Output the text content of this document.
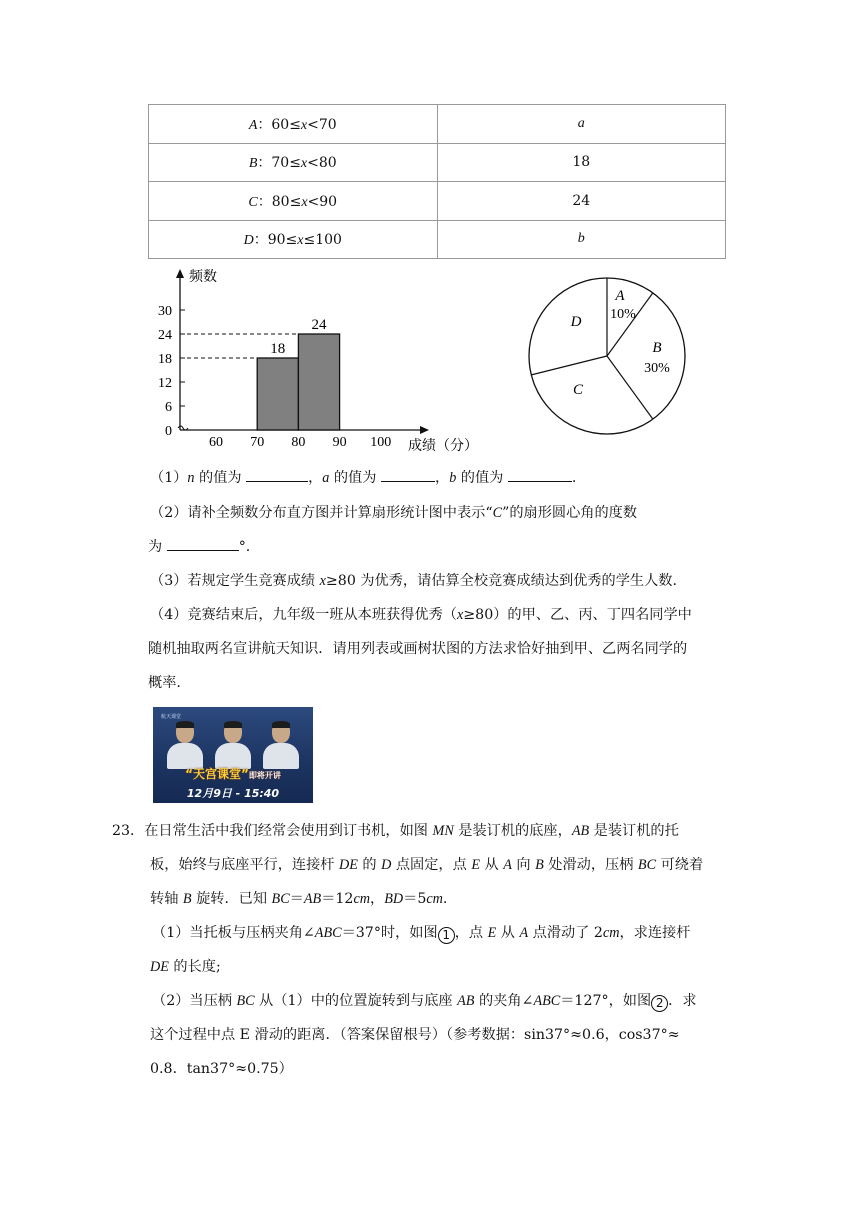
A：60≤x<70	a
B：70≤x<80	18
C：80≤x<90	24
D：90≤x≤100	b
频数
0
6
12
18
24
30
60 70 80 90 100 成绩（分）
18
24
A
10%
B
30%
C
D
（1）n 的值为	，a 的值为	，b 的值为	.
（2）请补全频数分布直方图并计算扇形统计图中表示“C”的扇形圆心角的度数
为	°.
（3）若规定学生竞赛成绩 x≥80 为优秀，请估算全校竞赛成绩达到优秀的学生人数.
（4）竞赛结束后，九年级一班从本班获得优秀（x≥80）的甲、乙、丙、丁四名同学中
随机抽取两名宣讲航天知识．请用列表或画树状图的方法求恰好抽到甲、乙两名同学的
概率.
航天课堂
“天宫课堂”即将开讲
12月9日 - 15:40
23．在日常生活中我们经常会使用到订书机，如图 MN 是装订机的底座，AB 是装订机的托
板，始终与底座平行，连接杆 DE 的 D 点固定，点 E 从 A 向 B 处滑动，压柄 BC 可绕着
转轴 B 旋转．已知 BC＝AB＝12cm，BD＝5cm.
（1）当托板与压柄夹角∠ABC＝37°时，如图 1 ，点 E 从 A 点滑动了 2cm，求连接杆
DE 的长度;
（2）当压柄 BC 从（1）中的位置旋转到与底座 AB 的夹角∠ABC＝127°，如图 2 ．求
这个过程中点 E 滑动的距离．（答案保留根号）（参考数据：sin37°≈0.6，cos37°≈
0.8．tan37°≈0.75）
